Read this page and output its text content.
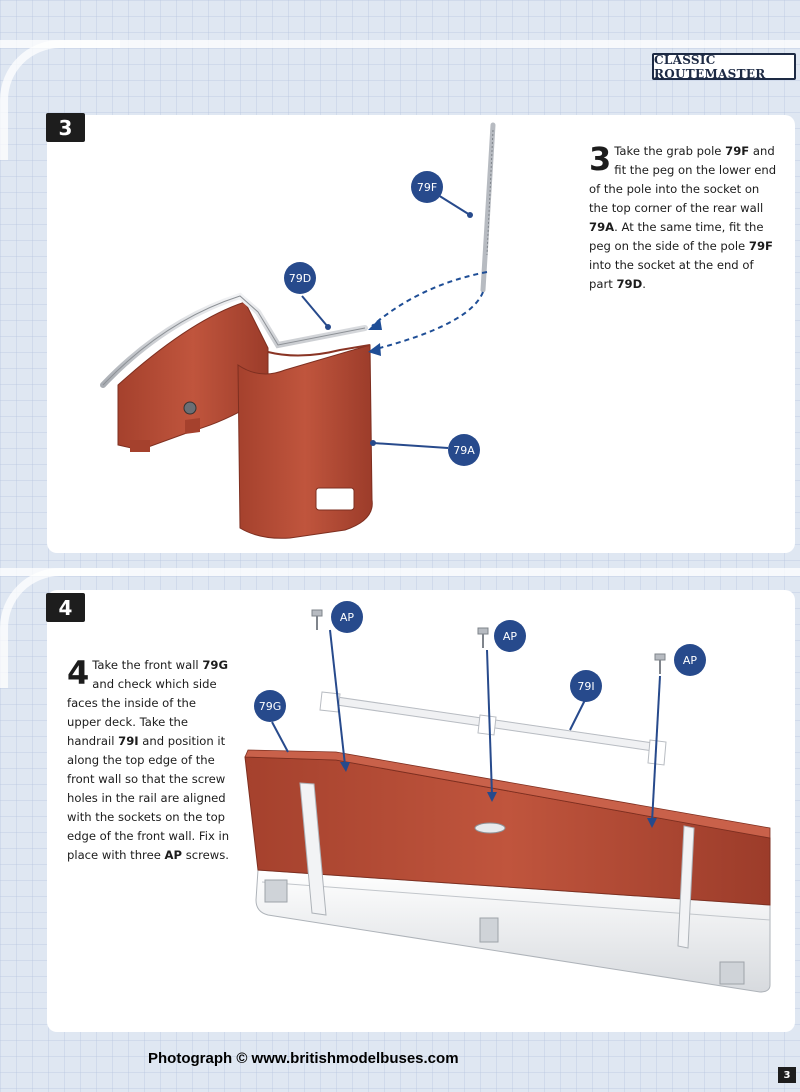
CLASSIC ROUTEMASTER
3
4
3 Take the grab pole 79F and fit the peg on the lower end of the pole into the socket on the top corner of the rear wall 79A. At the same time, fit the peg on the side of the pole 79F into the socket at the end of part 79D.
4 Take the front wall 79G and check which side faces the inside of the upper deck. Take the handrail 79I and position it along the top edge of the front wall so that the screw holes in the rail are aligned with the sockets on the top edge of the front wall. Fix in place with three AP screws.
79F
79D
79A
AP
AP
AP
79I
79G
Photograph © www.britishmodelbuses.com
3
